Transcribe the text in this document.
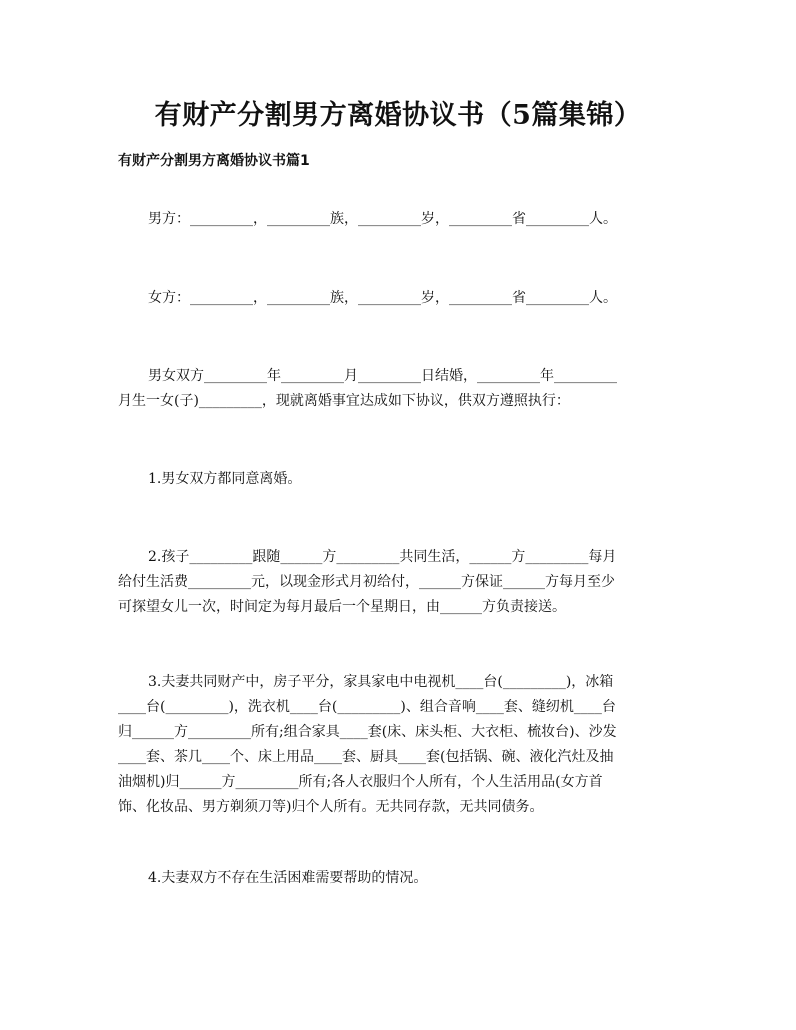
有财产分割男方离婚协议书（5篇集锦）
有财产分割男方离婚协议书篇1
男方：_________，_________族，_________岁，_________省_________人。
女方：_________，_________族，_________岁，_________省_________人。
男女双方_________年_________月_________日结婚，_________年_________
月生一女(子)_________，现就离婚事宜达成如下协议，供双方遵照执行：
1.男女双方都同意离婚。
2.孩子_________跟随______方_________共同生活，______方_________每月
给付生活费_________元，以现金形式月初给付，______方保证______方每月至少
可探望女儿一次，时间定为每月最后一个星期日，由______方负责接送。
3.夫妻共同财产中，房子平分，家具家电中电视机____台(_________)，冰箱
____台(_________)，洗衣机____台(_________)、组合音响____套、缝纫机____台
归______方_________所有;组合家具____套(床、床头柜、大衣柜、梳妆台)、沙发
____套、茶几____个、床上用品____套、厨具____套(包括锅、碗、液化汽灶及抽
油烟机)归______方_________所有;各人衣服归个人所有，个人生活用品(女方首
饰、化妆品、男方剃须刀等)归个人所有。无共同存款，无共同债务。
4.夫妻双方不存在生活困难需要帮助的情况。
